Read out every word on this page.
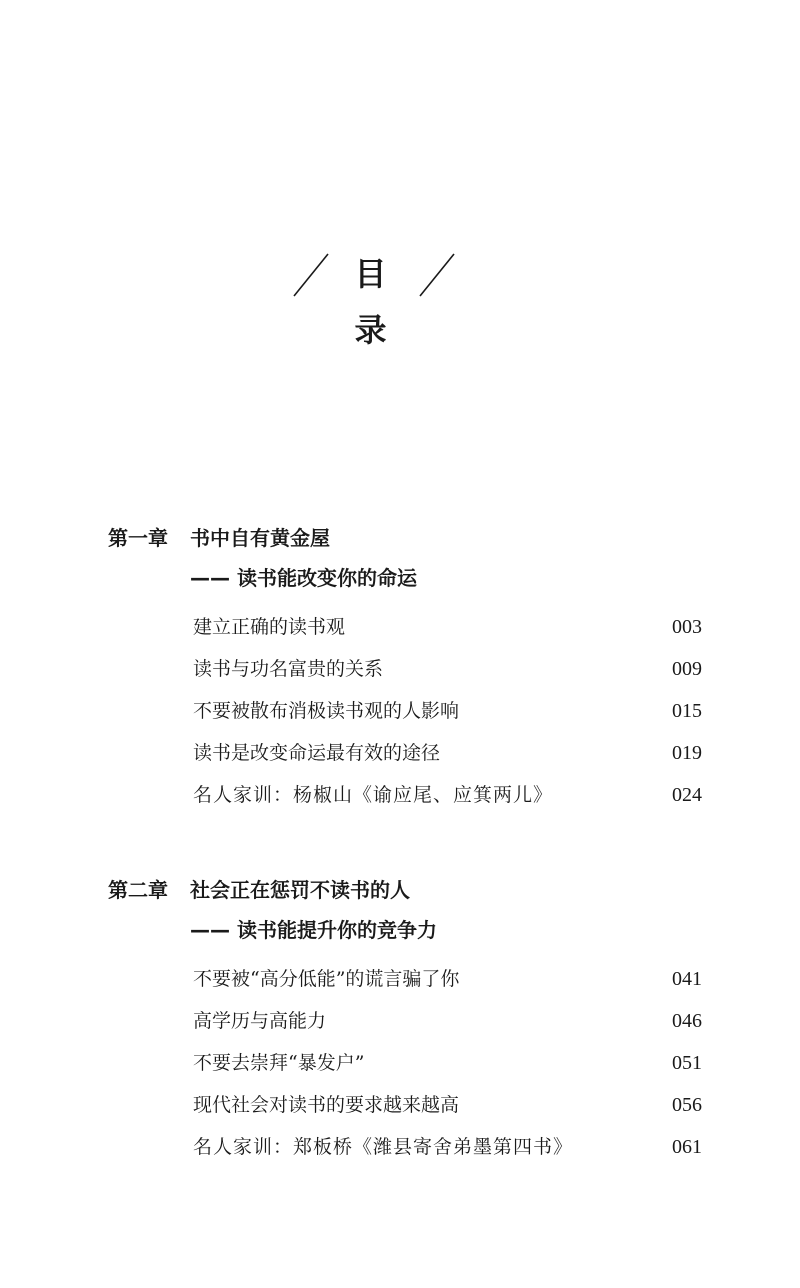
目 录
第一章 书中自有黄金屋
—— 读书能改变你的命运
建立正确的读书观	003
读书与功名富贵的关系	009
不要被散布消极读书观的人影响	015
读书是改变命运最有效的途径	019
名人家训：杨椒山《谕应尾、应箕两儿》	024
第二章 社会正在惩罚不读书的人
—— 读书能提升你的竞争力
不要被“高分低能”的谎言骗了你	041
高学历与高能力	046
不要去崇拜“暴发户”	051
现代社会对读书的要求越来越高	056
名人家训：郑板桥《潍县寄舍弟墨第四书》	061
